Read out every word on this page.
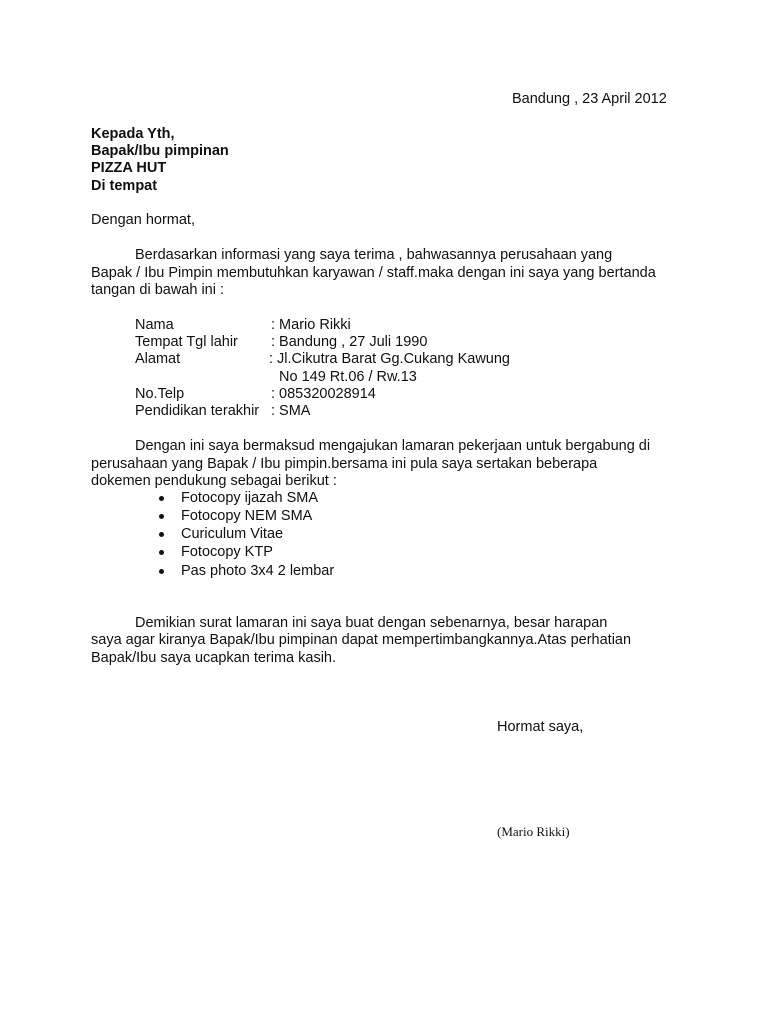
Bandung , 23 April 2012
Kepada Yth,
Bapak/Ibu pimpinan
PIZZA HUT
Di tempat
Dengan hormat,
Berdasarkan informasi yang saya terima , bahwasannya perusahaan yang
Bapak / Ibu Pimpin membutuhkan karyawan / staff.maka dengan ini saya yang bertanda
tangan di bawah ini :
Nama	: Mario Rikki
Tempat Tgl lahir : Bandung , 27 Juli 1990
Alamat	: Jl.Cikutra Barat Gg.Cukang Kawung
No 149 Rt.06 / Rw.13
No.Telp	: 085320028914
Pendidikan terakhir : SMA
Dengan ini saya bermaksud mengajukan lamaran pekerjaan untuk bergabung di
perusahaan yang Bapak / Ibu pimpin.bersama ini pula saya sertakan beberapa
dokemen pendukung sebagai berikut :
Fotocopy ijazah SMA
Fotocopy NEM SMA
Curiculum Vitae
Fotocopy KTP
Pas photo 3x4 2 lembar
Demikian surat lamaran ini saya buat dengan sebenarnya, besar harapan
saya agar kiranya Bapak/Ibu pimpinan dapat mempertimbangkannya.Atas perhatian
Bapak/Ibu saya ucapkan terima kasih.
Hormat saya,
(Mario Rikki)
